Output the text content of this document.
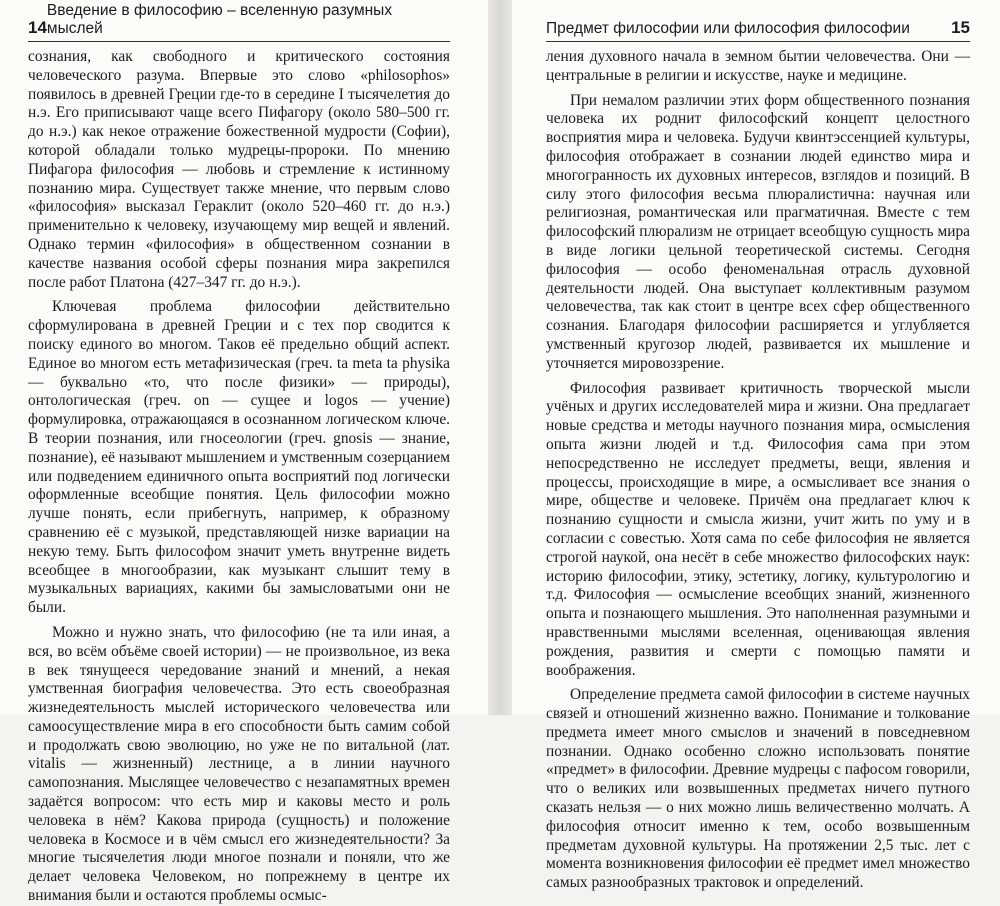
14
Введение в философию – вселенную разумных мыслей

сознания, как свободного и критического состояния человеческого разума. Впервые это слово «philosophos» появилось в древней Греции где-то в середине I тысячелетия до н.э. Его приписывают чаще всего Пифагору (около 580–500 гг. до н.э.) как некое отражение божественной мудрости (Софии), которой обладали только мудрецы-пророки. По мнению Пифагора философия — любовь и стремление к истинному познанию мира. Существует также мнение, что первым слово «философия» высказал Гераклит (около 520–460 гг. до н.э.) применительно к человеку, изучающему мир вещей и явлений. Однако термин «философия» в общественном сознании в качестве названия особой сферы познания мира закрепился после работ Платона (427–347 гг. до н.э.).

Ключевая проблема философии действительно сформулирована в древней Греции и с тех пор сводится к поиску единого во многом. Таков её предельно общий аспект. Единое во многом есть метафизическая (греч. ta meta ta physika — буквально «то, что после физики» — природы), онтологическая (греч. on — сущее и logos — учение) формулировка, отражающаяся в осознанном логическом ключе. В теории познания, или гносеологии (греч. gnosis — знание, познание), её называют мышлением и умственным созерцанием или подведением единичного опыта восприятий под логически оформленные всеобщие понятия. Цель философии можно лучше понять, если прибегнуть, например, к образному сравнению её с музыкой, представляющей низке вариации на некую тему. Быть философом значит уметь внутренне видеть всеобщее в многообразии, как музыкант слышит тему в музыкальных вариациях, какими бы замысловатыми они не были.

Можно и нужно знать, что философию (не та или иная, а вся, во всём объёме своей истории) — не произвольное, из века в век тянущееся чередование знаний и мнений, а некая умственная биография человечества. Это есть своеобразная жизнедеятельность мыслей исторического человечества или самоосуществление мира в его способности быть самим собой и продолжать свою эволюцию, но уже не по витальной (лат. vitalis — жизненный) лестнице, а в линии научного самопознания. Мыслящее человечество с незапамятных времен задаётся вопросом: что есть мир и каковы место и роль человека в нём? Какова природа (сущность) и положение человека в Космосе и в чём смысл его жизнедеятельности? За многие тысячелетия люди многое познали и поняли, что же делает человека Человеком, но попрежнему в центре их внимания были и остаются проблемы осмыс-

Предмет философии или философия философии 15

ления духовного начала в земном бытии человечества. Они — центральные в религии и искусстве, науке и медицине.

При немалом различии этих форм общественного познания человека их роднит философский концепт целостного восприятия мира и человека. Будучи квинтэссенцией культуры, философия отображает в сознании людей единство мира и многогранность их духовных интересов, взглядов и позиций. В силу этого философия весьма плюралистична: научная или религиозная, романтическая или прагматичная. Вместе с тем философский плюрализм не отрицает всеобщую сущность мира в виде логики цельной теоретической системы. Сегодня философия — особо феноменальная отрасль духовной деятельности людей. Она выступает коллективным разумом человечества, так как стоит в центре всех сфер общественного сознания. Благодаря философии расширяется и углубляется умственный кругозор людей, развивается их мышление и уточняется мировоззрение.

Философия развивает критичность творческой мысли учёных и других исследователей мира и жизни. Она предлагает новые средства и методы научного познания мира, осмысления опыта жизни людей и т.д. Философия сама при этом непосредственно не исследует предметы, вещи, явления и процессы, происходящие в мире, а осмысливает все знания о мире, обществе и человеке. Причём она предлагает ключ к познанию сущности и смысла жизни, учит жить по уму и в согласии с совестью. Хотя сама по себе философия не является строгой наукой, она несёт в себе множество философских наук: историю философии, этику, эстетику, логику, культурологию и т.д. Философия — осмысление всеобщих знаний, жизненного опыта и познающего мышления. Это наполненная разумными и нравственными мыслями вселенная, оценивающая явления рождения, развития и смерти с помощью памяти и воображения.

Определение предмета самой философии в системе научных связей и отношений жизненно важно. Понимание и толкование предмета имеет много смыслов и значений в повседневном познании. Однако особенно сложно использовать понятие «предмет» в философии. Древние мудрецы с пафосом говорили, что о великих или возвышенных предметах ничего путного сказать нельзя — о них можно лишь величественно молчать. А философия относит именно к тем, особо возвышенным предметам духовной культуры. На протяжении 2,5 тыс. лет с момента возникновения философии её предмет имел множество самых разнообразных трактовок и определений.
